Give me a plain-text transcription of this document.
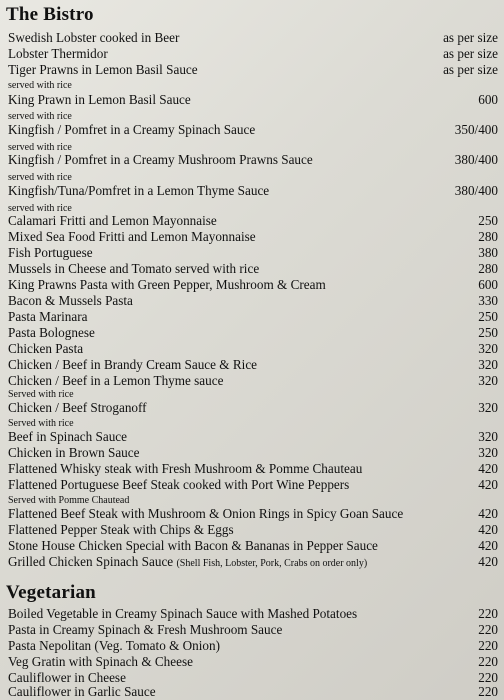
The Bistro
Swedish Lobster cooked in Beer	as per size
Lobster Thermidor	as per size
Tiger Prawns in Lemon Basil Sauce	as per size
served with rice
King Prawn in Lemon Basil Sauce	600
served with rice
Kingfish / Pomfret in a Creamy Spinach Sauce	350/400
served with rice
Kingfish / Pomfret in a Creamy Mushroom Prawns Sauce	380/400
served with rice
Kingfish/Tuna/Pomfret in a Lemon Thyme Sauce	380/400
served with rice
Calamari Fritti and Lemon Mayonnaise	250
Mixed Sea Food Fritti and Lemon Mayonnaise	280
Fish Portuguese	380
Mussels in Cheese and Tomato served with rice	280
King Prawns Pasta with Green Pepper, Mushroom & Cream	600
Bacon & Mussels Pasta	330
Pasta Marinara	250
Pasta Bolognese	250
Chicken Pasta	320
Chicken / Beef in Brandy Cream Sauce & Rice	320
Chicken / Beef in a Lemon Thyme sauce	320
Served with rice
Chicken / Beef Stroganoff	320
Served with rice
Beef in Spinach Sauce	320
Chicken in Brown Sauce	320
Flattened Whisky steak with Fresh Mushroom & Pomme Chauteau	420
Flattened Portuguese Beef Steak cooked with Port Wine Peppers	420
Served with Pomme Chautead
Flattened Beef Steak with Mushroom & Onion Rings in Spicy Goan Sauce	420
Flattened Pepper Steak with Chips & Eggs	420
Stone House Chicken Special with Bacon & Bananas in Pepper Sauce	420
Grilled Chicken Spinach Sauce (Shell Fish, Lobster, Pork, Crabs on order only)	420
Vegetarian
Boiled Vegetable in Creamy Spinach Sauce with Mashed Potatoes	220
Pasta in Creamy Spinach & Fresh Mushroom Sauce	220
Pasta Nepolitan (Veg. Tomato & Onion)	220
Veg Gratin with Spinach & Cheese	220
Cauliflower in Cheese	220
Cauliflower in Garlic Sauce	220
